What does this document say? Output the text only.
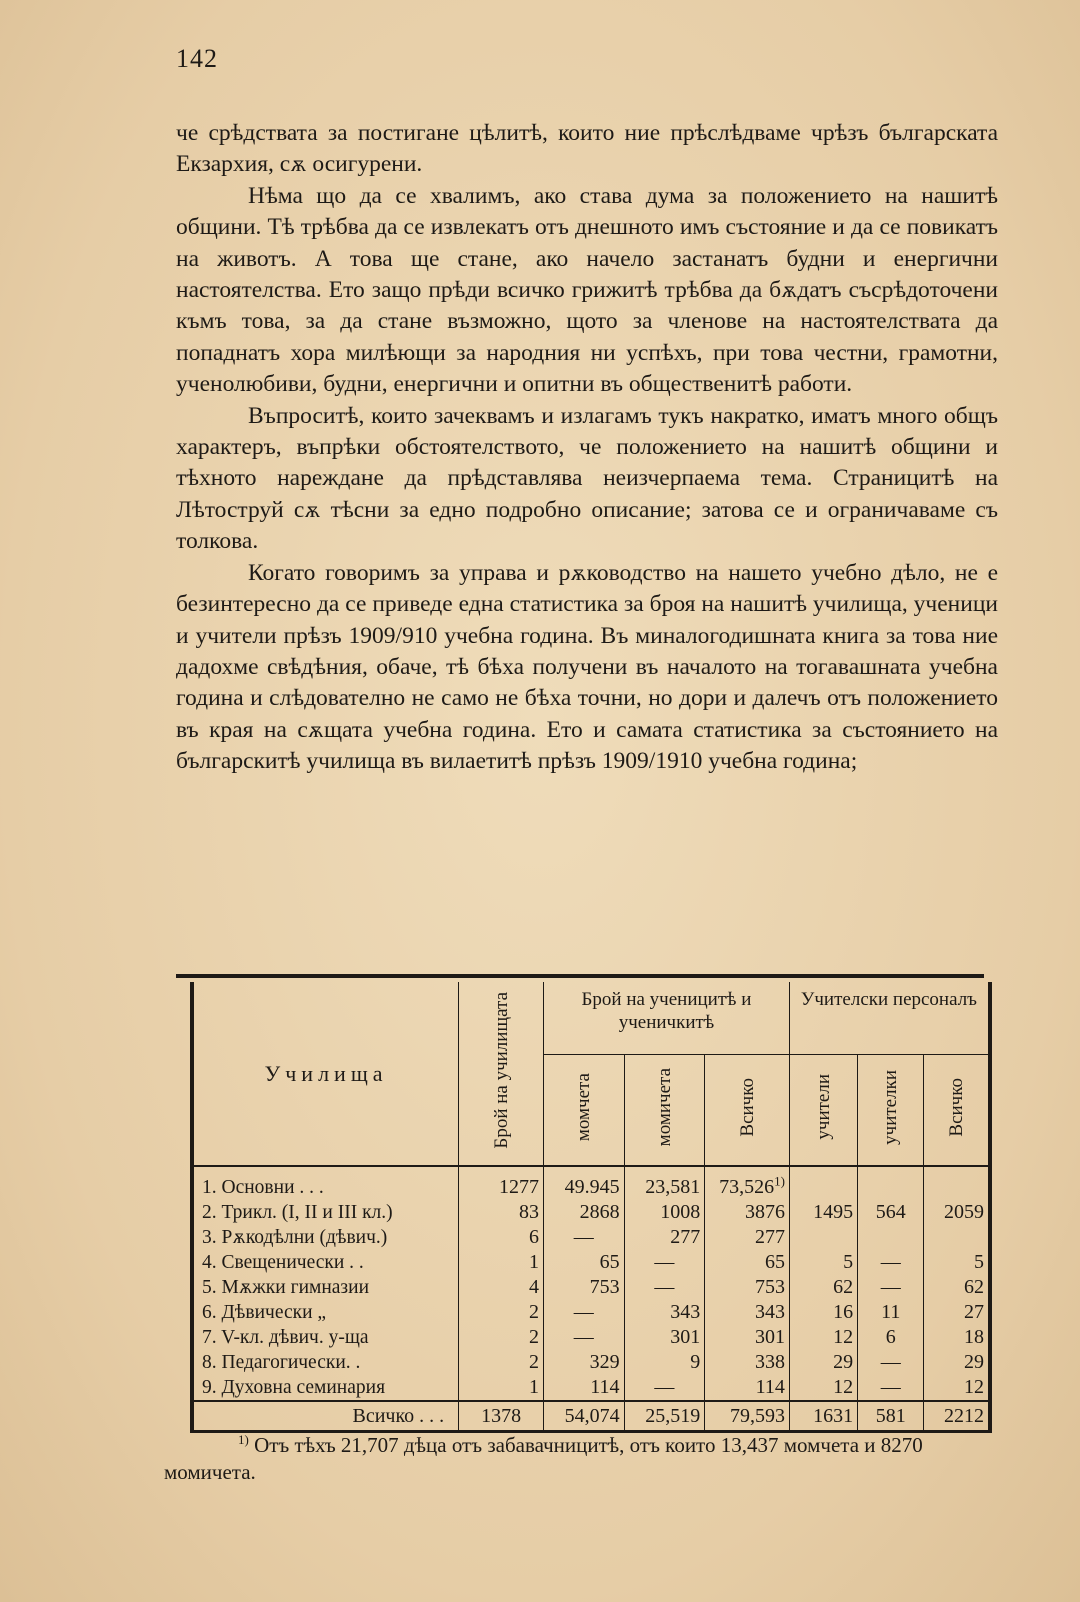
142

че срѣдствата за постигане цѣлитѣ, които ние прѣслѣдваме чрѣзъ българската Екзархия, сѫ осигурени.

Нѣма що да се хвалимъ, ако става дума за положението на нашитѣ общини. Тѣ трѣбва да се извлекатъ отъ днешното имъ състояние и да се повикатъ на животъ. А това ще стане, ако начело застанатъ будни и енергични настоятелства. Ето защо прѣди всичко грижитѣ трѣбва да бѫдатъ съсрѣдоточени къмъ това, за да стане възможно, щото за членове на настоятелствата да попаднатъ хора милѣющи за народния ни успѣхъ, при това честни, грамотни, ученолюбиви, будни, енергични и опитни въ общественитѣ работи.

Въпроситѣ, които зачеквамъ и излагамъ тукъ накратко, иматъ много общъ характеръ, въпрѣки обстоятелството, че положението на нашитѣ общини и тѣхното нареждане да прѣдставлява неизчерпаема тема. Страницитѣ на Лѣтоструй сѫ тѣсни за едно подробно описание; затова се и ограничаваме съ толкова.

Когато говоримъ за управа и рѫководство на нашето учебно дѣло, не е безинтересно да се приведе една статистика за броя на нашитѣ училища, ученици и учители прѣзъ 1909/910 учебна година. Въ миналогодишната книга за това ние дадохме свѣдѣния, обаче, тѣ бѣха получени въ началото на тогавашната учебна година и слѣдователно не само не бѣха точни, но дори и далечъ отъ положението въ края на сѫщата учебна година. Ето и самата статистика за състоянието на българскитѣ училища въ вилаетитѣ прѣзъ 1909/1910 учебна година;

Училища	Брой на училищата	Брой на ученицитѣ и ученичкитѣ			Учителски персоналъ		
		момчета	момичета	Всичко	учители	учителки	Всичко
1. Основни . . .	1277	49.945	23,581	73,526$^{1)}$			
2. Трикл. (I, II и III кл.)	83	2868	1008	3876	1495	564	2059
3. Рѫкодѣлни (дѣвич.)	6	—	277	277			
4. Свещенически . .	1	65	—	65	5	—	5
5. Мѫжки гимназии	4	753	—	753	62	—	62
6. Дѣвически „	2	—	343	343	16	11	27
7. V-кл. дѣвич. у-ща	2	—	301	301	12	6	18
8. Педагогически. .	2	329	9	338	29	—	29
9. Духовна семинария	1	114	—	114	12	—	12
Всичко . . .	1378	54,074	25,519	79,593	1631	581	2212
$^{1)}$ Отъ тѣхъ 21,707 дѣца отъ забавачницитѣ, отъ които 13,437 момчета и 8270 момичета.
